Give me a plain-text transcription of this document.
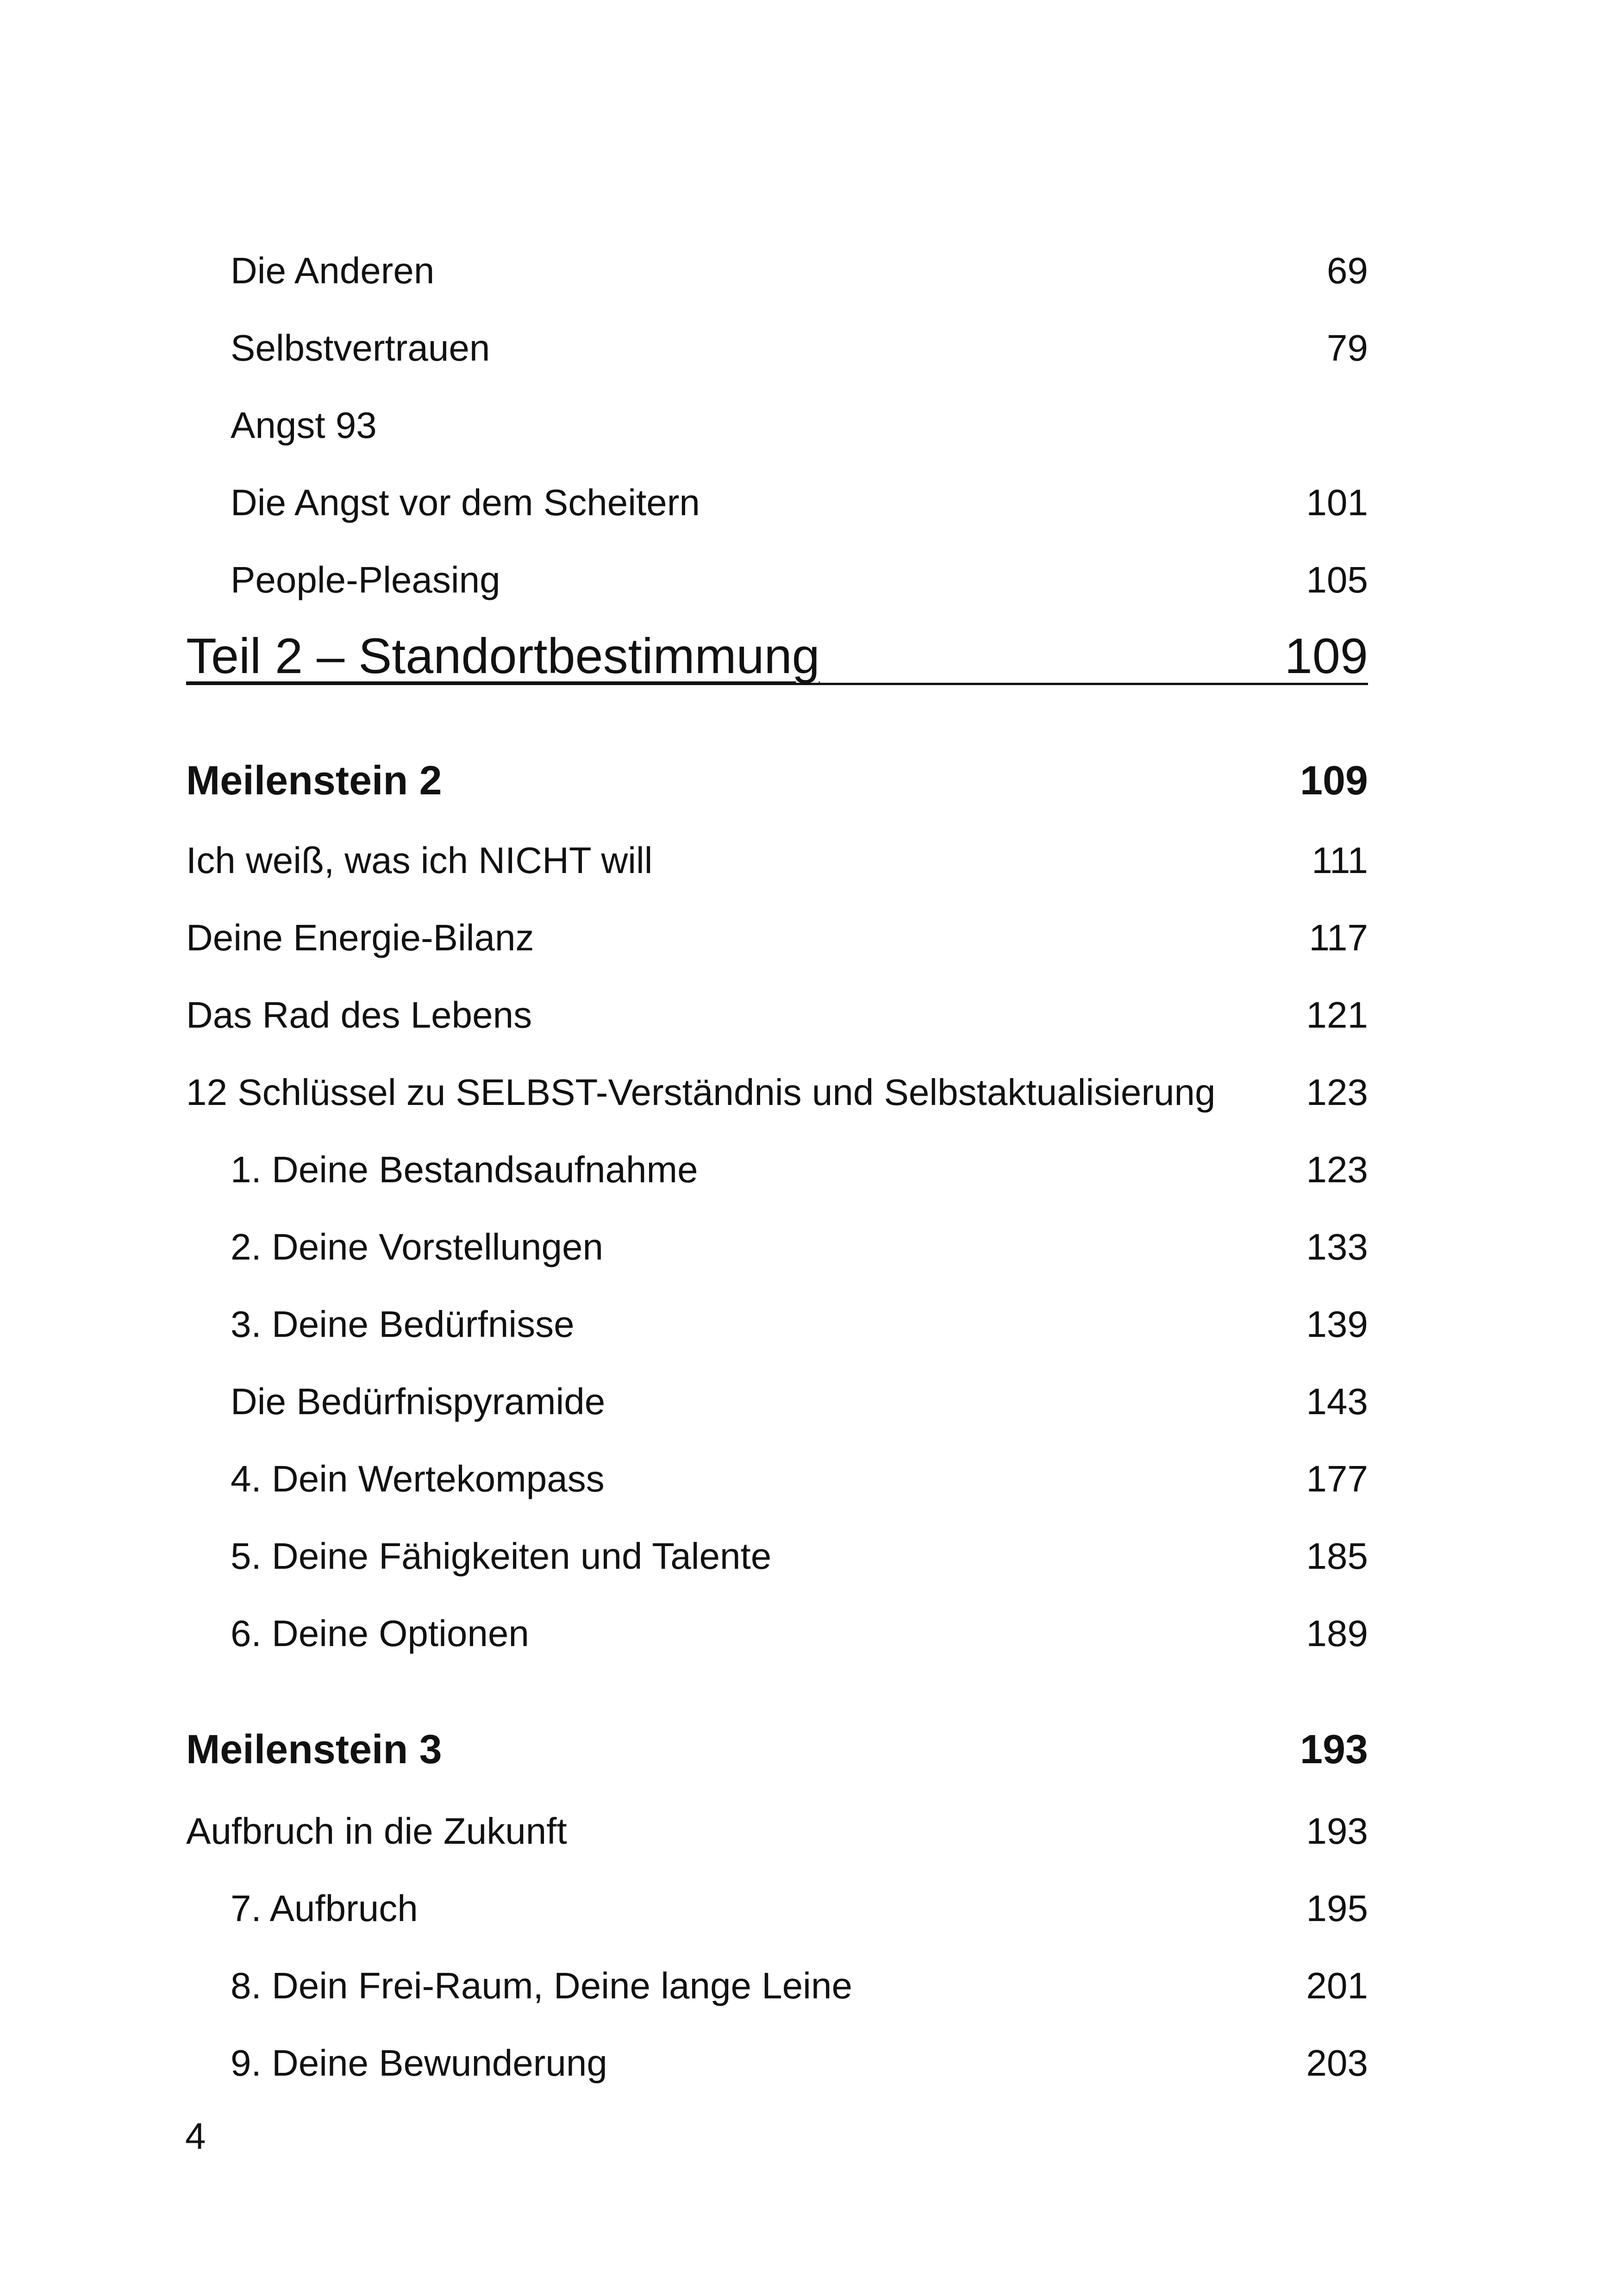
Die Anderen	69
Selbstvertrauen	79
Angst 93
Die Angst vor dem Scheitern	101
People-Pleasing	105
Teil 2 – Standortbestimmung	109
Meilenstein 2	109
Ich weiß, was ich NICHT will	111
Deine Energie-Bilanz	117
Das Rad des Lebens	121
12 Schlüssel zu SELBST-Verständnis und Selbstaktualisierung 123
1. Deine Bestandsaufnahme	123
2. Deine Vorstellungen	133
3. Deine Bedürfnisse	139
Die Bedürfnispyramide	143
4. Dein Wertekompass	177
5. Deine Fähigkeiten und Talente	185
6. Deine Optionen	189
Meilenstein 3	193
Aufbruch in die Zukunft	193
7. Aufbruch	195
8. Dein Frei-Raum, Deine lange Leine	201
9. Deine Bewunderung	203
4
